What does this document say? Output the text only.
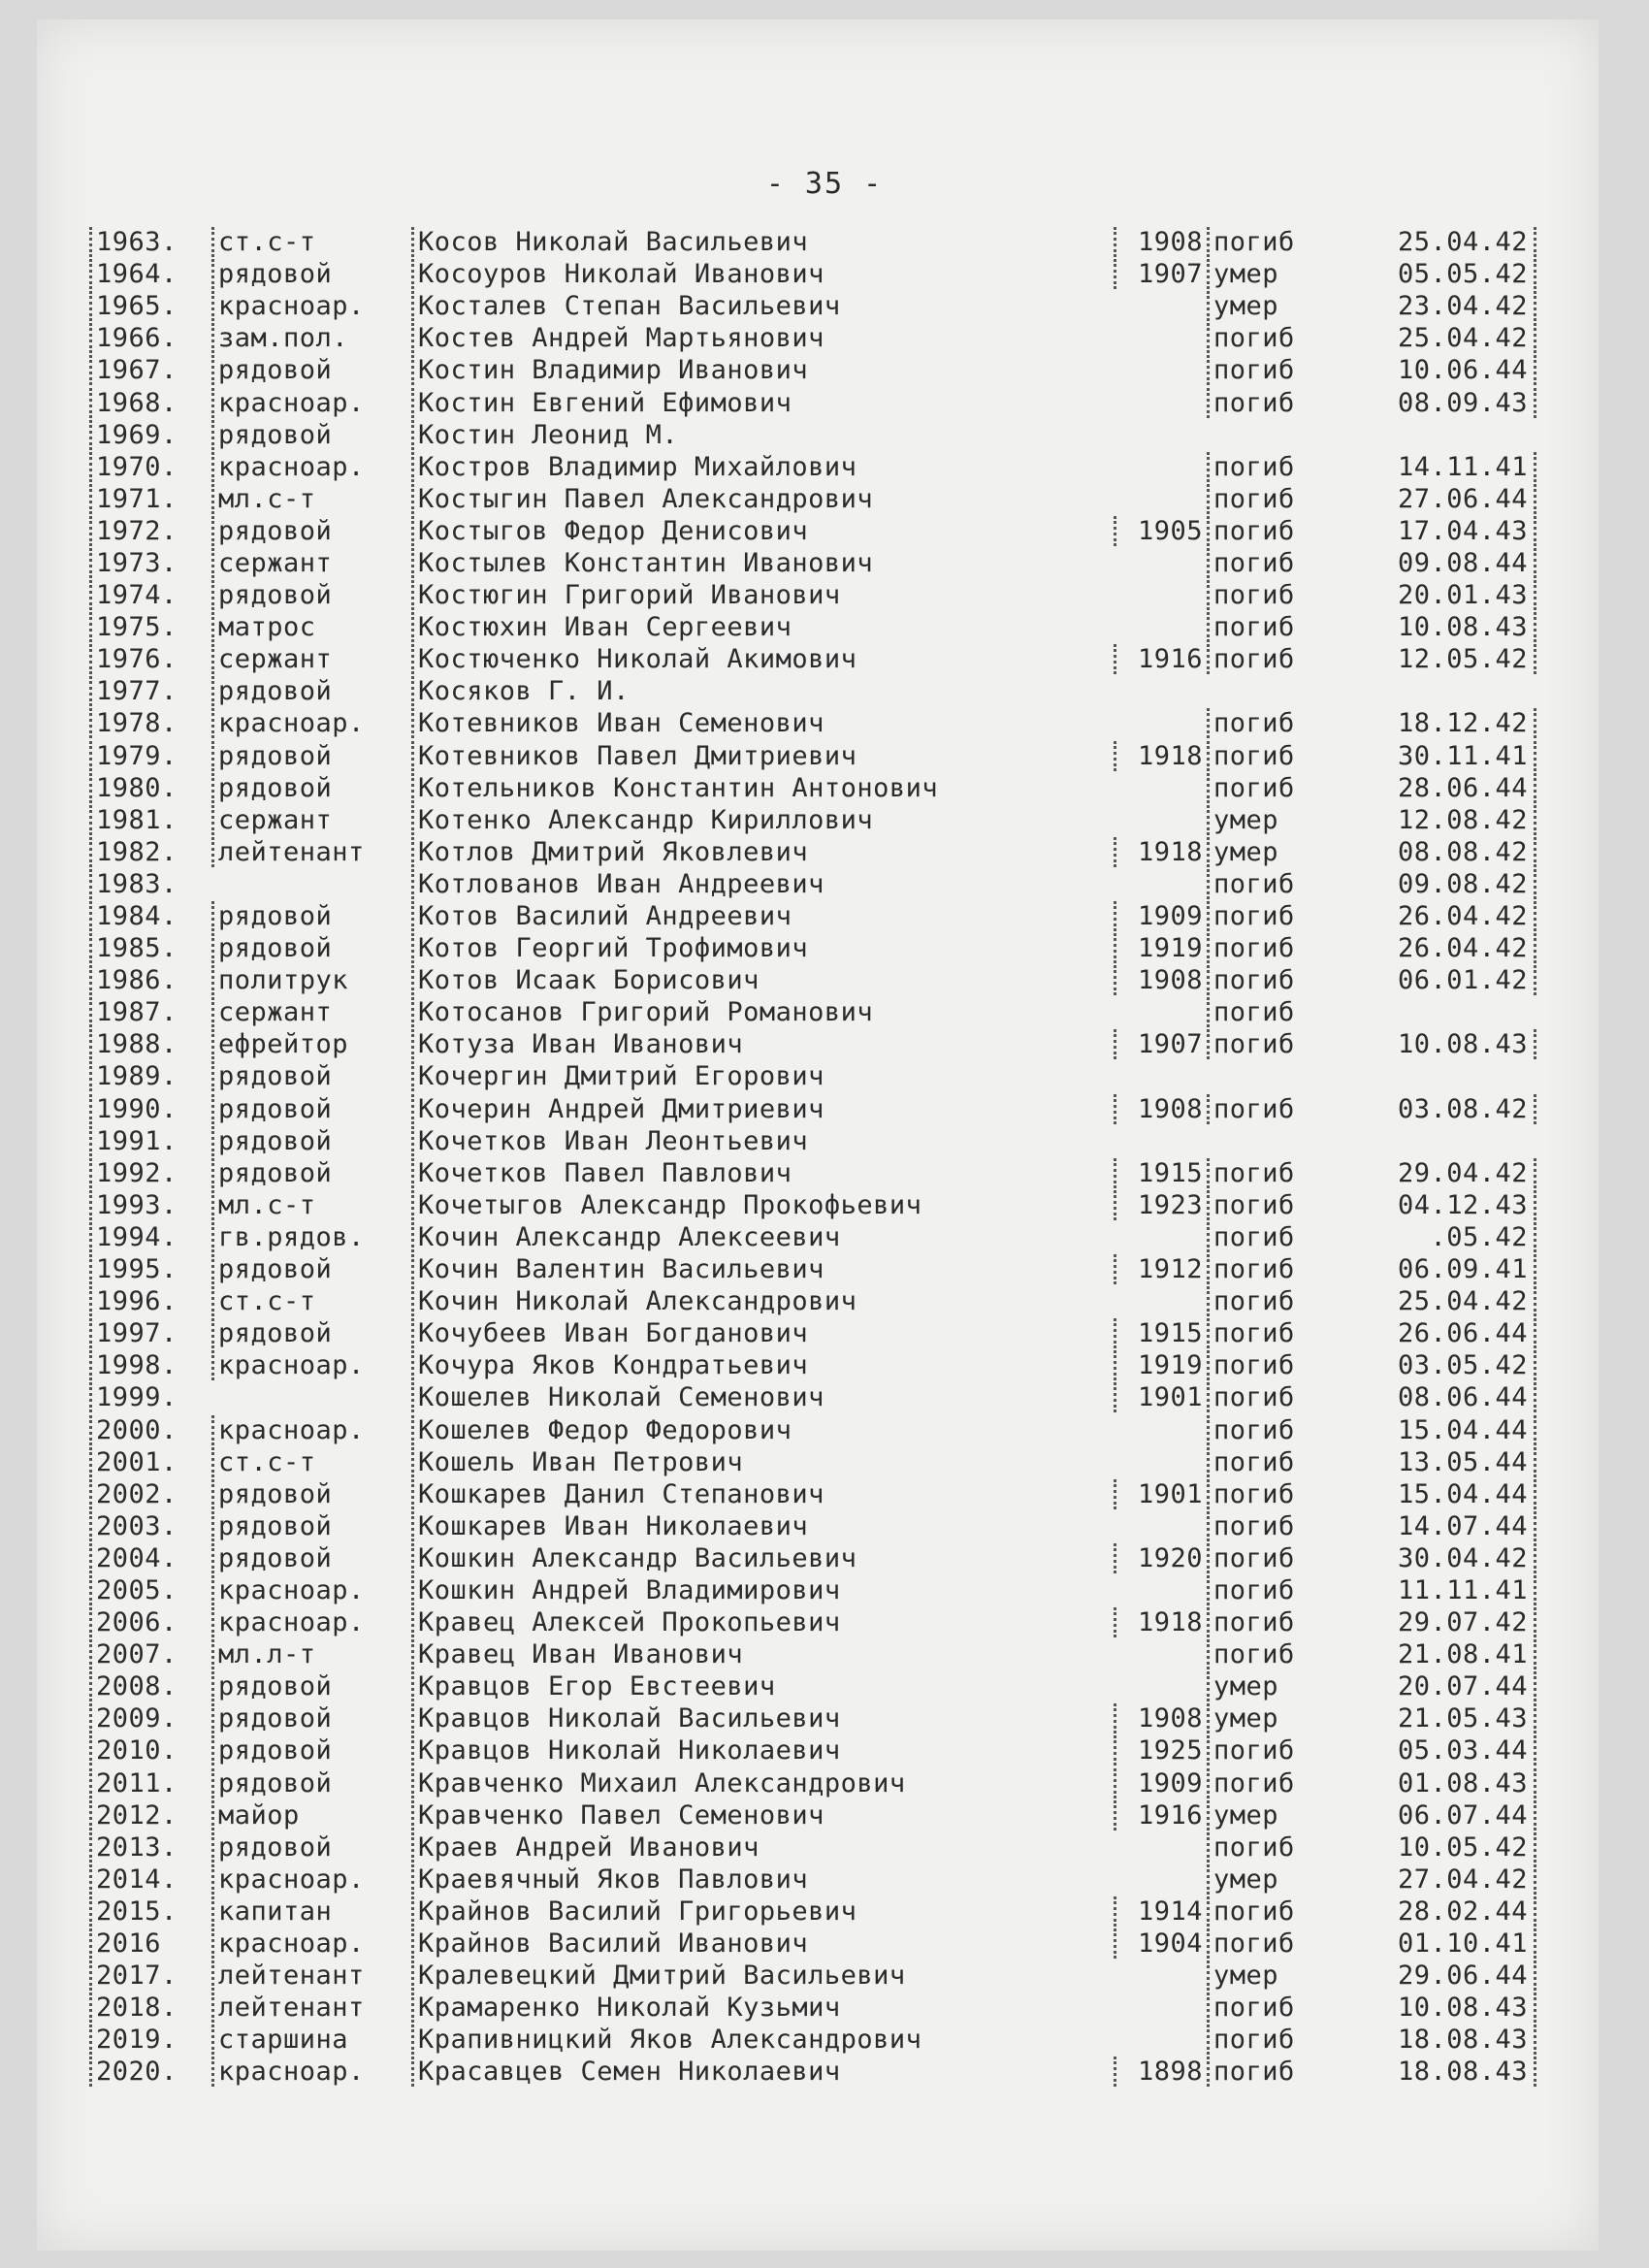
- 35 -
1963.	ст.с-т	Косов Николай Васильевич	1908 погиб	25.04.42
1964.	рядовой	Косоуров Николай Иванович	1907 умер	05.05.42
1965.	красноар.	Косталев Степан Васильевич	умер	23.04.42
1966.	зам.пол.	Костев Андрей Мартьянович	погиб	25.04.42
1967.	рядовой	Костин Владимир Иванович	погиб	10.06.44
1968.	красноар.	Костин Евгений Ефимович	погиб	08.09.43
1969.	рядовой	Костин Леонид М.
1970.	красноар.	Костров Владимир Михайлович	погиб	14.11.41
1971.	мл.с-т	Костыгин Павел Александрович	погиб	27.06.44
1972.	рядовой	Костыгов Федор Денисович	1905 погиб	17.04.43
1973.	сержант	Костылев Константин Иванович	погиб	09.08.44
1974.	рядовой	Костюгин Григорий Иванович	погиб	20.01.43
1975.	матрос	Костюхин Иван Сергеевич	погиб	10.08.43
1976.	сержант	Костюченко Николай Акимович	1916 погиб	12.05.42
1977.	рядовой	Косяков Г. И.
1978.	красноар.	Котевников Иван Семенович	погиб	18.12.42
1979.	рядовой	Котевников Павел Дмитриевич	1918 погиб	30.11.41
1980.	рядовой	Котельников Константин Антонович	погиб	28.06.44
1981.	сержант	Котенко Александр Кириллович	умер	12.08.42
1982.	лейтенант	Котлов Дмитрий Яковлевич	1918 умер	08.08.42
1983.	Котлованов Иван Андреевич	погиб	09.08.42
1984.	рядовой	Котов Василий Андреевич	1909 погиб	26.04.42
1985.	рядовой	Котов Георгий Трофимович	1919 погиб	26.04.42
1986.	политрук	Котов Исаак Борисович	1908 погиб	06.01.42
1987.	сержант	Котосанов Григорий Романович	погиб
1988.	ефрейтор	Котуза Иван Иванович	1907 погиб	10.08.43
1989.	рядовой	Кочергин Дмитрий Егорович
1990.	рядовой	Кочерин Андрей Дмитриевич	1908 погиб	03.08.42
1991.	рядовой	Кочетков Иван Леонтьевич
1992.	рядовой	Кочетков Павел Павлович	1915 погиб	29.04.42
1993.	мл.с-т	Кочетыгов Александр Прокофьевич	1923 погиб	04.12.43
1994.	гв.рядов.	Кочин Александр Алексеевич	погиб	.05.42
1995.	рядовой	Кочин Валентин Васильевич	1912 погиб	06.09.41
1996.	ст.с-т	Кочин Николай Александрович	погиб	25.04.42
1997.	рядовой	Кочубеев Иван Богданович	1915 погиб	26.06.44
1998.	красноар.	Кочура Яков Кондратьевич	1919 погиб	03.05.42
1999.	Кошелев Николай Семенович	1901 погиб	08.06.44
2000.	красноар.	Кошелев Федор Федорович	погиб	15.04.44
2001.	ст.с-т	Кошель Иван Петрович	погиб	13.05.44
2002.	рядовой	Кошкарев Данил Степанович	1901 погиб	15.04.44
2003.	рядовой	Кошкарев Иван Николаевич	погиб	14.07.44
2004.	рядовой	Кошкин Александр Васильевич	1920 погиб	30.04.42
2005.	красноар.	Кошкин Андрей Владимирович	погиб	11.11.41
2006.	красноар.	Кравец Алексей Прокопьевич	1918 погиб	29.07.42
2007.	мл.л-т	Кравец Иван Иванович	погиб	21.08.41
2008.	рядовой	Кравцов Егор Евстеевич	умер	20.07.44
2009.	рядовой	Кравцов Николай Васильевич	1908 умер	21.05.43
2010.	рядовой	Кравцов Николай Николаевич	1925 погиб	05.03.44
2011.	рядовой	Кравченко Михаил Александрович	1909 погиб	01.08.43
2012.	майор	Кравченко Павел Семенович	1916 умер	06.07.44
2013.	рядовой	Краев Андрей Иванович	погиб	10.05.42
2014.	красноар.	Краевячный Яков Павлович	умер	27.04.42
2015.	капитан	Крайнов Василий Григорьевич	1914 погиб	28.02.44
2016	красноар.	Крайнов Василий Иванович	1904 погиб	01.10.41
2017.	лейтенант	Кралевецкий Дмитрий Васильевич	умер	29.06.44
2018.	лейтенант	Крамаренко Николай Кузьмич	погиб	10.08.43
2019.	старшина	Крапивницкий Яков Александрович	погиб	18.08.43
2020.	красноар.	Красавцев Семен Николаевич	1898 погиб	18.08.43
